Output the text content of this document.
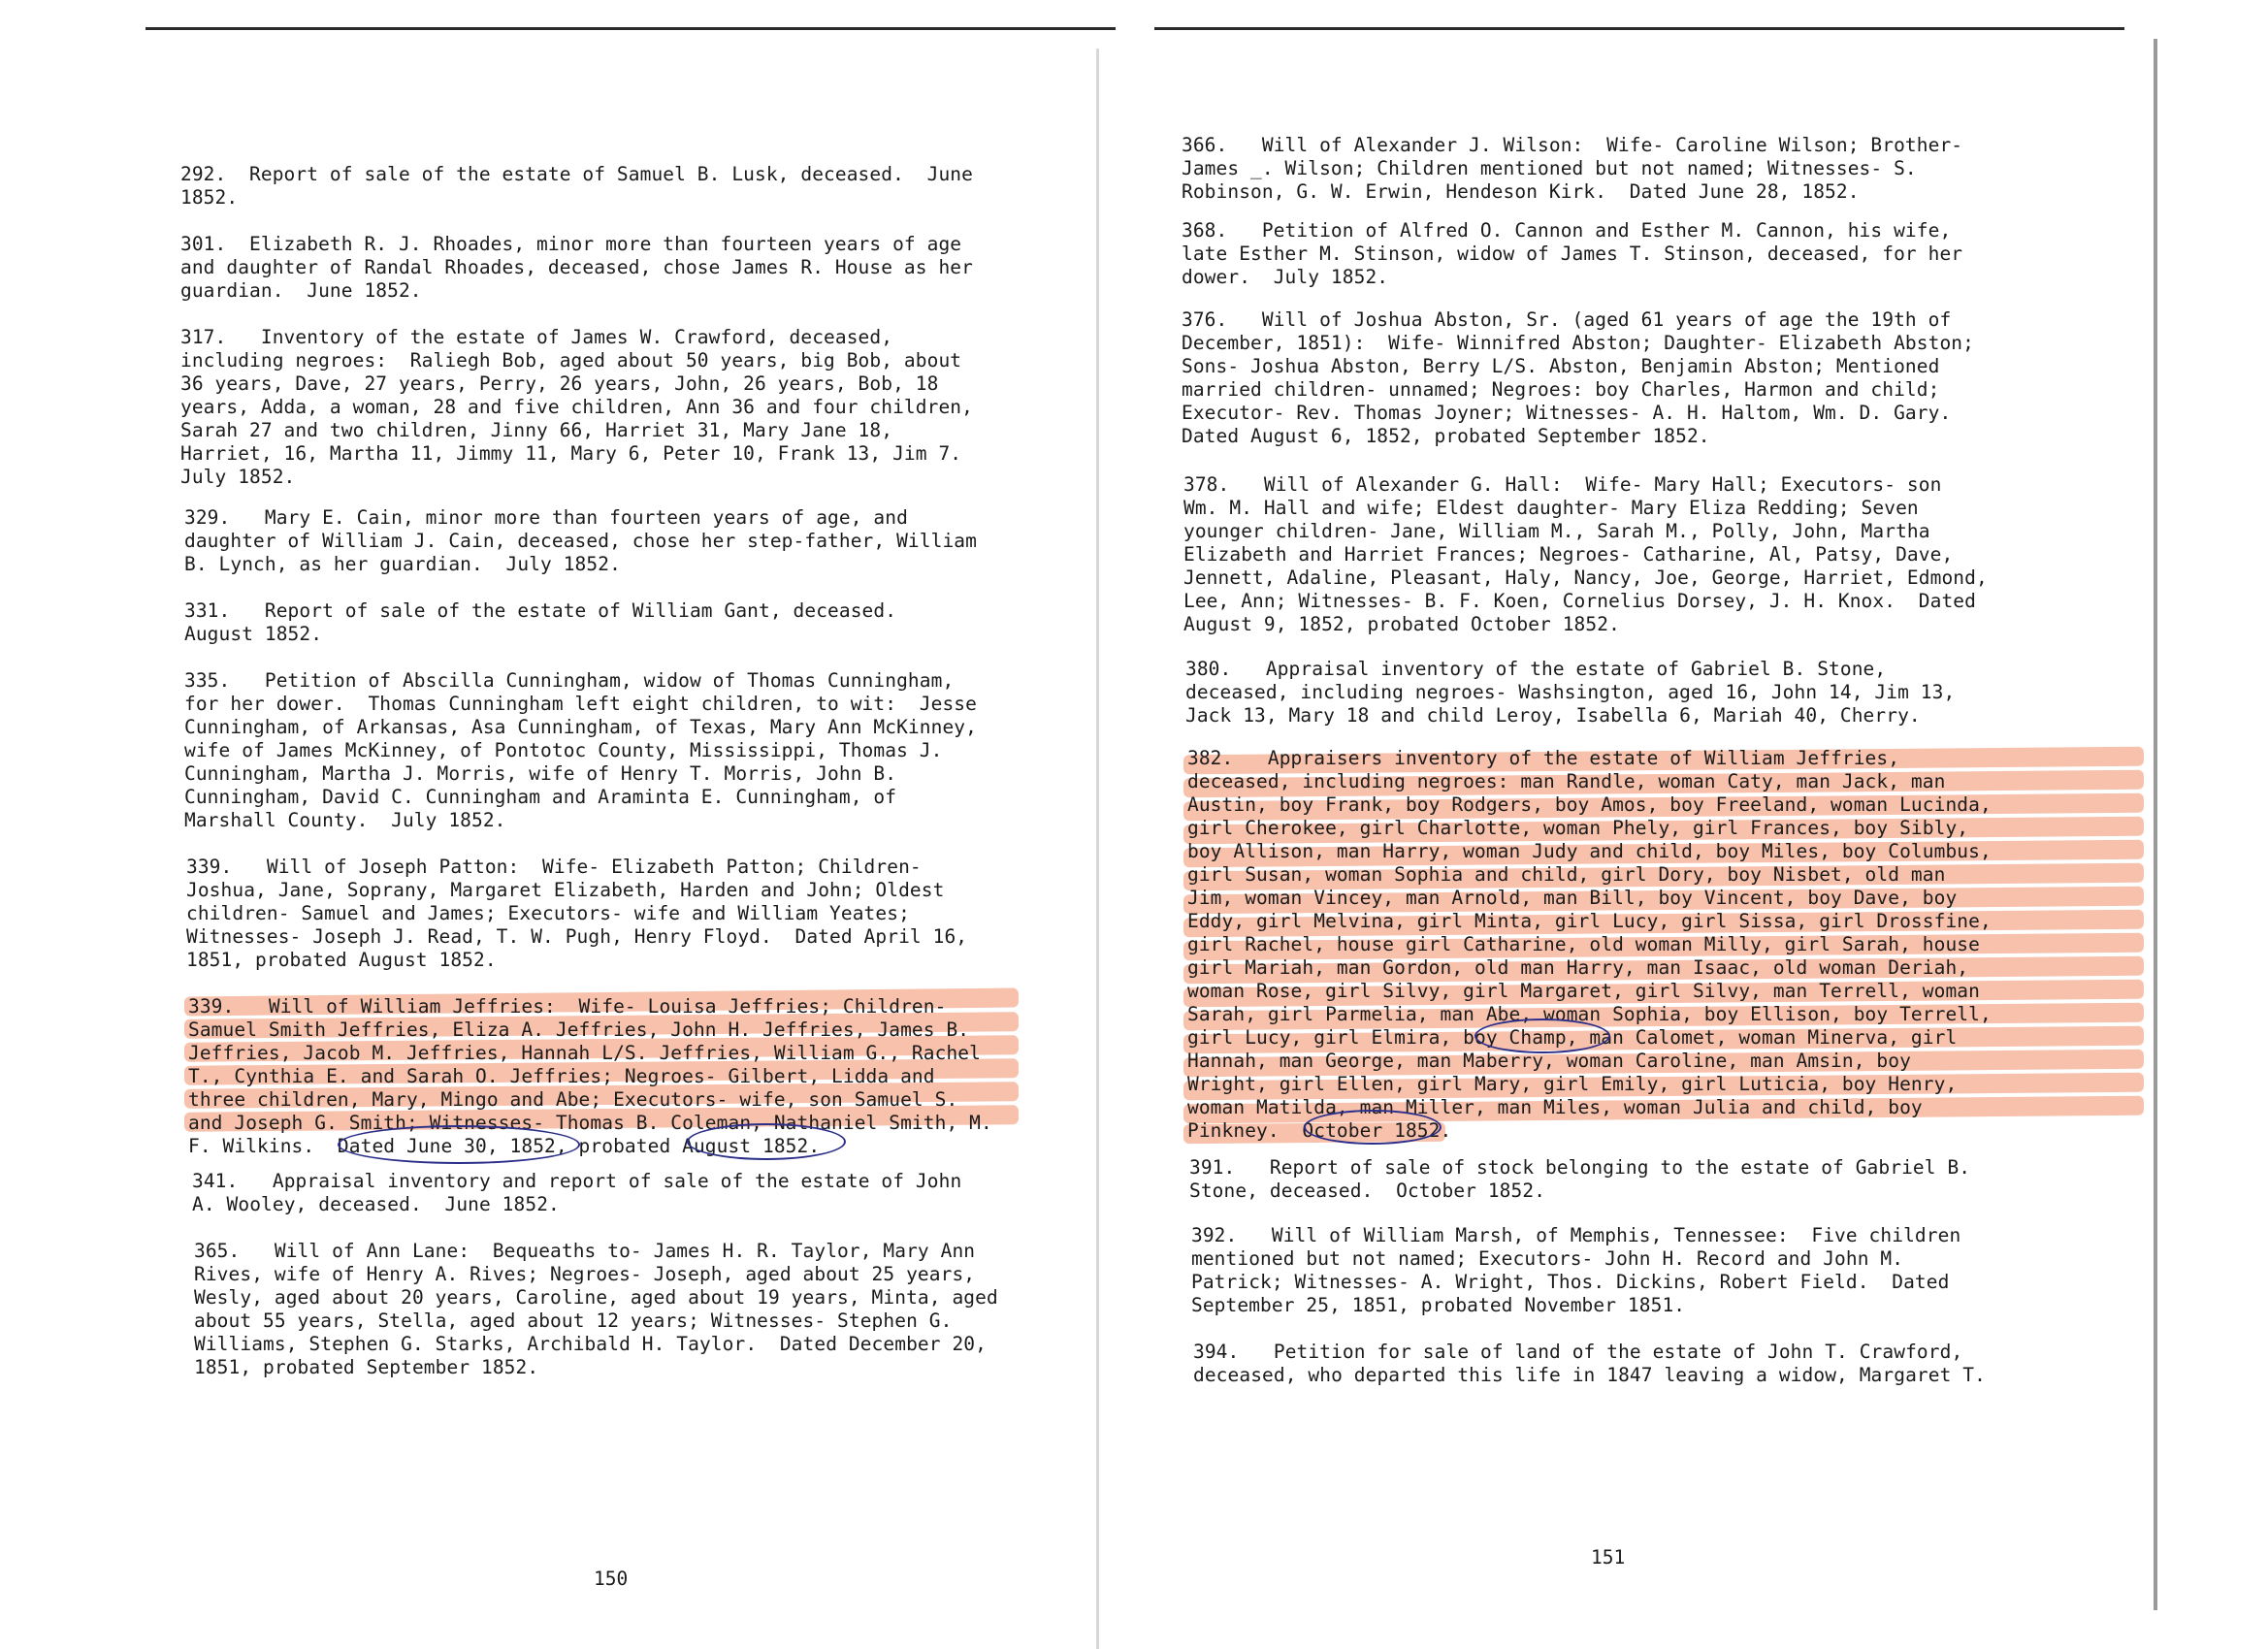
292.  Report of sale of the estate of Samuel B. Lusk, deceased.  June
1852.
301.  Elizabeth R. J. Rhoades, minor more than fourteen years of age
and daughter of Randal Rhoades, deceased, chose James R. House as her
guardian.  June 1852.
317.   Inventory of the estate of James W. Crawford, deceased,
including negroes:  Raliegh Bob, aged about 50 years, big Bob, about
36 years, Dave, 27 years, Perry, 26 years, John, 26 years, Bob, 18
years, Adda, a woman, 28 and five children, Ann 36 and four children,
Sarah 27 and two children, Jinny 66, Harriet 31, Mary Jane 18,
Harriet, 16, Martha 11, Jimmy 11, Mary 6, Peter 10, Frank 13, Jim 7.
July 1852.
329.   Mary E. Cain, minor more than fourteen years of age, and
daughter of William J. Cain, deceased, chose her step-father, William
B. Lynch, as her guardian.  July 1852.
331.   Report of sale of the estate of William Gant, deceased.
August 1852.
335.   Petition of Abscilla Cunningham, widow of Thomas Cunningham,
for her dower.  Thomas Cunningham left eight children, to wit:  Jesse
Cunningham, of Arkansas, Asa Cunningham, of Texas, Mary Ann McKinney,
wife of James McKinney, of Pontotoc County, Mississippi, Thomas J.
Cunningham, Martha J. Morris, wife of Henry T. Morris, John B.
Cunningham, David C. Cunningham and Araminta E. Cunningham, of
Marshall County.  July 1852.
339.   Will of Joseph Patton:  Wife- Elizabeth Patton; Children-
Joshua, Jane, Soprany, Margaret Elizabeth, Harden and John; Oldest
children- Samuel and James; Executors- wife and William Yeates;
Witnesses- Joseph J. Read, T. W. Pugh, Henry Floyd.  Dated April 16,
1851, probated August 1852.
339.   Will of William Jeffries:  Wife- Louisa Jeffries; Children-
Samuel Smith Jeffries, Eliza A. Jeffries, John H. Jeffries, James B.
Jeffries, Jacob M. Jeffries, Hannah L/S. Jeffries, William G., Rachel
T., Cynthia E. and Sarah O. Jeffries; Negroes- Gilbert, Lidda and
three children, Mary, Mingo and Abe; Executors- wife, son Samuel S.
and Joseph G. Smith; Witnesses- Thomas B. Coleman, Nathaniel Smith, M.
F. Wilkins.  Dated June 30, 1852, probated August 1852.
341.   Appraisal inventory and report of sale of the estate of John
A. Wooley, deceased.  June 1852.
365.   Will of Ann Lane:  Bequeaths to- James H. R. Taylor, Mary Ann
Rives, wife of Henry A. Rives; Negroes- Joseph, aged about 25 years,
Wesly, aged about 20 years, Caroline, aged about 19 years, Minta, aged
about 55 years, Stella, aged about 12 years; Witnesses- Stephen G.
Williams, Stephen G. Starks, Archibald H. Taylor.  Dated December 20,
1851, probated September 1852.
150
366.   Will of Alexander J. Wilson:  Wife- Caroline Wilson; Brother-
James _. Wilson; Children mentioned but not named; Witnesses- S.
Robinson, G. W. Erwin, Hendeson Kirk.  Dated June 28, 1852.
368.   Petition of Alfred O. Cannon and Esther M. Cannon, his wife,
late Esther M. Stinson, widow of James T. Stinson, deceased, for her
dower.  July 1852.
376.   Will of Joshua Abston, Sr. (aged 61 years of age the 19th of
December, 1851):  Wife- Winnifred Abston; Daughter- Elizabeth Abston;
Sons- Joshua Abston, Berry L/S. Abston, Benjamin Abston; Mentioned
married children- unnamed; Negroes: boy Charles, Harmon and child;
Executor- Rev. Thomas Joyner; Witnesses- A. H. Haltom, Wm. D. Gary.
Dated August 6, 1852, probated September 1852.
378.   Will of Alexander G. Hall:  Wife- Mary Hall; Executors- son
Wm. M. Hall and wife; Eldest daughter- Mary Eliza Redding; Seven
younger children- Jane, William M., Sarah M., Polly, John, Martha
Elizabeth and Harriet Frances; Negroes- Catharine, Al, Patsy, Dave,
Jennett, Adaline, Pleasant, Haly, Nancy, Joe, George, Harriet, Edmond,
Lee, Ann; Witnesses- B. F. Koen, Cornelius Dorsey, J. H. Knox.  Dated
August 9, 1852, probated October 1852.
380.   Appraisal inventory of the estate of Gabriel B. Stone,
deceased, including negroes- Washsington, aged 16, John 14, Jim 13,
Jack 13, Mary 18 and child Leroy, Isabella 6, Mariah 40, Cherry.
382.   Appraisers inventory of the estate of William Jeffries,
deceased, including negroes: man Randle, woman Caty, man Jack, man
Austin, boy Frank, boy Rodgers, boy Amos, boy Freeland, woman Lucinda,
girl Cherokee, girl Charlotte, woman Phely, girl Frances, boy Sibly,
boy Allison, man Harry, woman Judy and child, boy Miles, boy Columbus,
girl Susan, woman Sophia and child, girl Dory, boy Nisbet, old man
Jim, woman Vincey, man Arnold, man Bill, boy Vincent, boy Dave, boy
Eddy, girl Melvina, girl Minta, girl Lucy, girl Sissa, girl Drossfine,
girl Rachel, house girl Catharine, old woman Milly, girl Sarah, house
girl Mariah, man Gordon, old man Harry, man Isaac, old woman Deriah,
woman Rose, girl Silvy, girl Margaret, girl Silvy, man Terrell, woman
Sarah, girl Parmelia, man Abe, woman Sophia, boy Ellison, boy Terrell,
girl Lucy, girl Elmira, boy Champ, man Calomet, woman Minerva, girl
Hannah, man George, man Maberry, woman Caroline, man Amsin, boy
Wright, girl Ellen, girl Mary, girl Emily, girl Luticia, boy Henry,
woman Matilda, man Miller, man Miles, woman Julia and child, boy
Pinkney.  October 1852.
391.   Report of sale of stock belonging to the estate of Gabriel B.
Stone, deceased.  October 1852.
392.   Will of William Marsh, of Memphis, Tennessee:  Five children
mentioned but not named; Executors- John H. Record and John M.
Patrick; Witnesses- A. Wright, Thos. Dickins, Robert Field.  Dated
September 25, 1851, probated November 1851.
394.   Petition for sale of land of the estate of John T. Crawford,
deceased, who departed this life in 1847 leaving a widow, Margaret T.
151
